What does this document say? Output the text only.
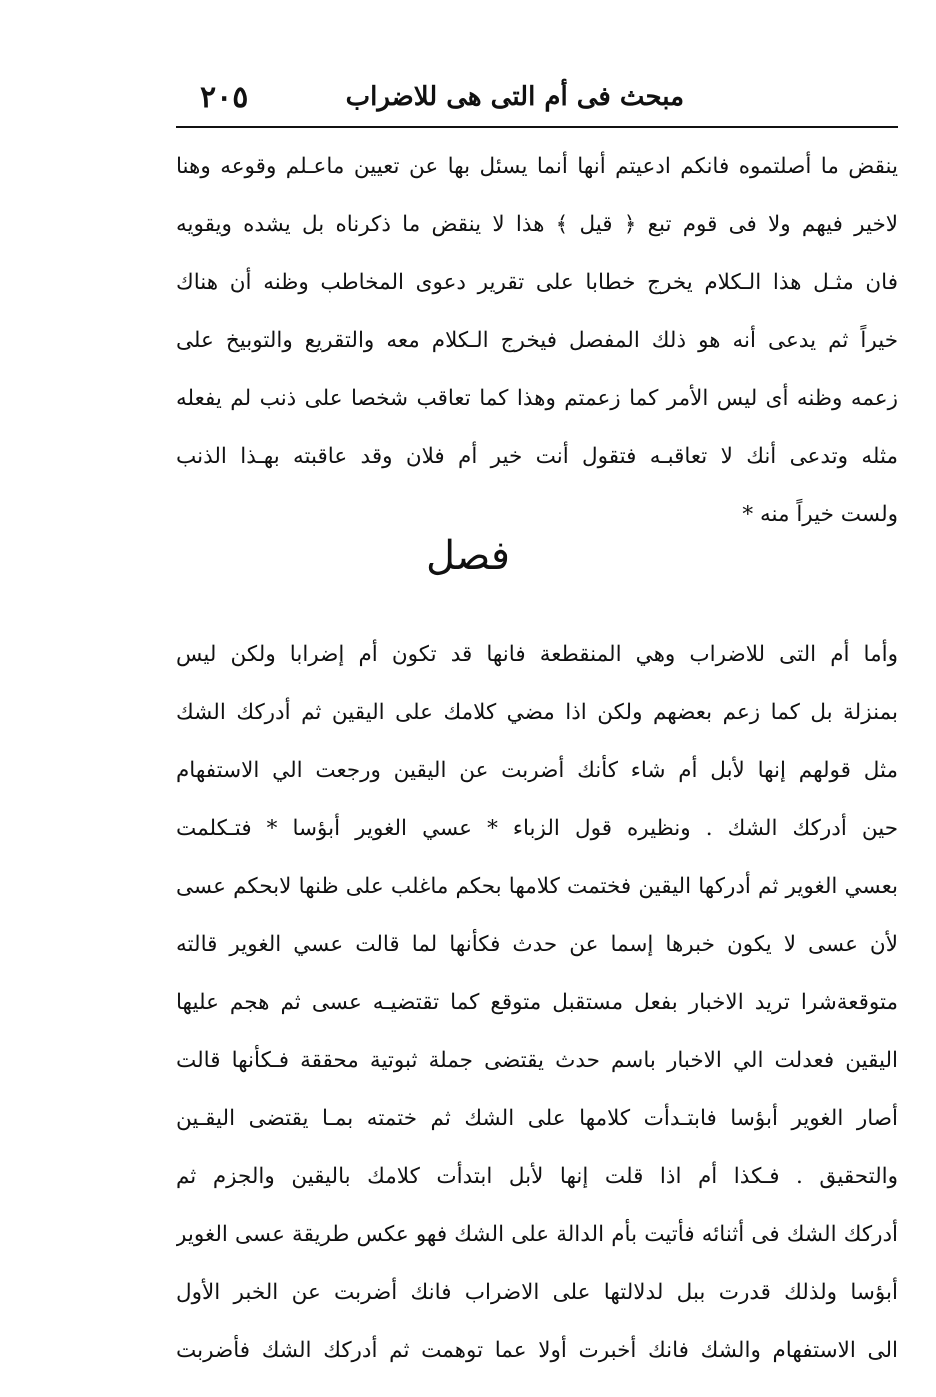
٢٠٥	مبحث فى أم التى هى للاضراب
ينقض ما أصلتموه فانكم ادعيتم أنها أنما يسئل بها عن تعيين ماعـلم وقوعه وهنا
لاخير فيهم ولا فى قوم تبع ﴿ قيل ﴾ هذا لا ينقض ما ذكرناه بل يشده ويقويه
فان مثـل هذا الـكلام يخرج خطابا على تقرير دعوى المخاطب وظنه أن هناك
خيراً ثم يدعى أنه هو ذلك المفصل فيخرج الـكلام معه والتقريع والتوبيخ على
زعمه وظنه أى ليس الأمر كما زعمتم وهذا كما تعاقب شخصا على ذنب لم يفعله
مثله وتدعى أنك لا تعاقبـه فتقول أنت خير أم فلان وقد عاقبته بهـذا الذنب
ولست خيراً منه *
فصل
وأما أم التى للاضراب وهي المنقطعة فانها قد تكون أم إضرابا ولكن ليس
بمنزلة بل كما زعم بعضهم ولكن اذا مضي كلامك على اليقين ثم أدركك الشك
مثل قولهم إنها لأبل أم شاء كأنك أضربت عن اليقين ورجعت الي الاستفهام
حين أدركك الشك . ونظيره قول الزباء * عسي الغوير أبؤسا * فتـكلمت
بعسي الغوير ثم أدركها اليقين فختمت كلامها بحكم ماغلب على ظنها لابحكم عسى
لأن عسى لا يكون خبرها إسما عن حدث فكأنها لما قالت عسي الغوير قالته
متوقعةشرا تريد الاخبار بفعل مستقبل متوقع كما تقتضيـه عسى ثم هجم عليها
اليقين فعدلت الي الاخبار باسم حدث يقتضى جملة ثبوتية محققة فـكأنها قالت
أصار الغوير أبؤسا فابتـدأت كلامها على الشك ثم ختمته بمـا يقتضى اليقـين
والتحقيق . فـكذا أم اذا قلت إنها لأبل ابتدأت كلامك باليقين والجزم ثم
أدركك الشك فى أثنائه فأتيت بأم الدالة على الشك فهو عكس طريقة عسى الغوير
أبؤسا ولذلك قدرت ببل لدلالتها على الاضراب فانك أضربت عن الخبر الأول
الى الاستفهام والشك فانك أخبرت أولا عما توهمت ثم أدركك الشك فأضربت
